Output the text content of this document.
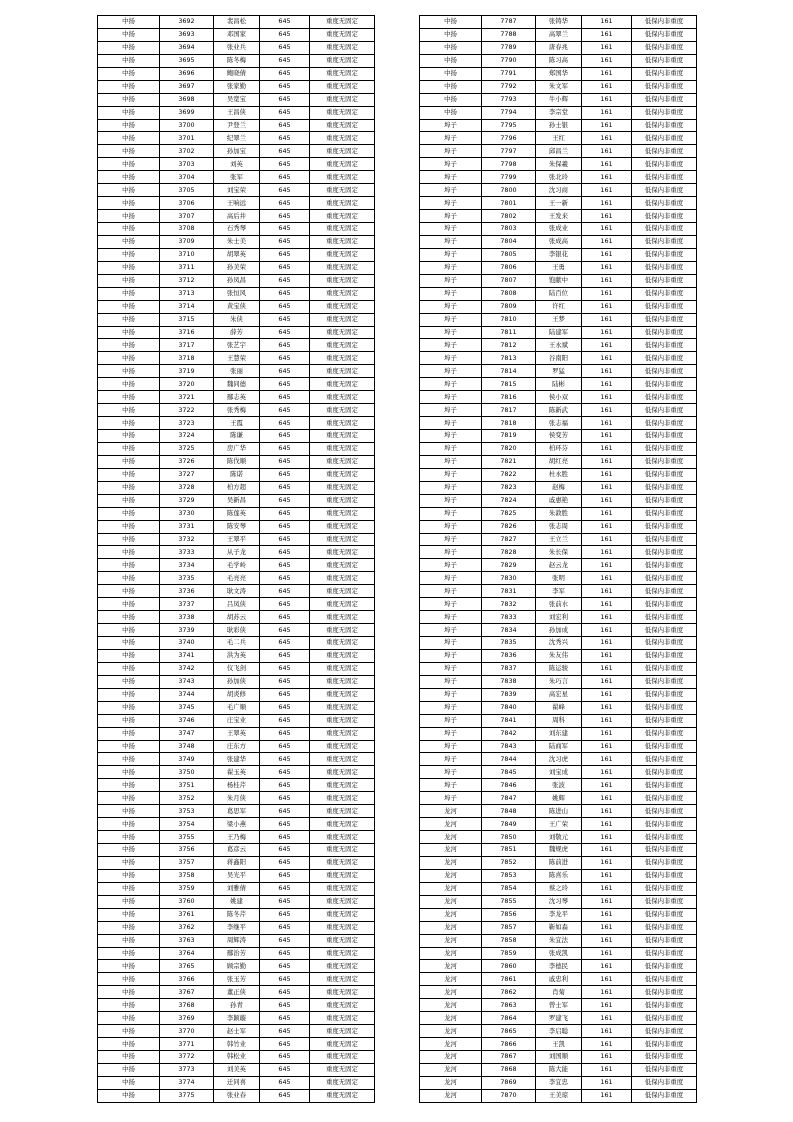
中扬	3692	裴昌松	645	重度无固定
中扬	3693	邓国家	645	重度无固定
中扬	3694	张业兵	645	重度无固定
中扬	3695	陈冬梅	645	重度无固定
中扬	3696	鲍晓倩	645	重度无固定
中扬	3697	张家勤	645	重度无固定
中扬	3698	吴宽宝	645	重度无固定
中扬	3699	王昌侠	645	重度无固定
中扬	3700	尹登兰	645	重度无固定
中扬	3701	纪翠兰	645	重度无固定
中扬	3702	孙加宝	645	重度无固定
中扬	3703	刘英	645	重度无固定
中扬	3704	张军	645	重度无固定
中扬	3705	刘宝荣	645	重度无固定
中扬	3706	王响远	645	重度无固定
中扬	3707	高后井	645	重度无固定
中扬	3708	石秀琴	645	重度无固定
中扬	3709	朱士美	645	重度无固定
中扬	3710	胡翠英	645	重度无固定
中扬	3711	孙美荣	645	重度无固定
中扬	3712	孙凤昌	645	重度无固定
中扬	3713	张恒风	645	重度无固定
中扬	3714	黄宝侠	645	重度无固定
中扬	3715	朱侠	645	重度无固定
中扬	3716	薛芳	645	重度无固定
中扬	3717	张艺宇	645	重度无固定
中扬	3718	王慧荣	645	重度无固定
中扬	3719	张丽	645	重度无固定
中扬	3720	魏同德	645	重度无固定
中扬	3721	鄢志英	645	重度无固定
中扬	3722	张秀梅	645	重度无固定
中扬	3723	王霞	645	重度无固定
中扬	3724	陈谦	645	重度无固定
中扬	3725	房广华	645	重度无固定
中扬	3726	陈伐顺	645	重度无固定
中扬	3727	陈诺	645	重度无固定
中扬	3728	柏方超	645	重度无固定
中扬	3729	吴新昌	645	重度无固定
中扬	3730	陈莲英	645	重度无固定
中扬	3731	陈安琴	645	重度无固定
中扬	3732	王翠平	645	重度无固定
中扬	3733	从子龙	645	重度无固定
中扬	3734	毛学岭	645	重度无固定
中扬	3735	毛亮亮	645	重度无固定
中扬	3736	耿文涛	645	重度无固定
中扬	3737	吕凤侠	645	重度无固定
中扬	3738	胡苏云	645	重度无固定
中扬	3739	耿彩侠	645	重度无固定
中扬	3740	毛二兵	645	重度无固定
中扬	3741	洪为英	645	重度无固定
中扬	3742	仪飞剑	645	重度无固定
中扬	3743	孙加侠	645	重度无固定
中扬	3744	胡炎修	645	重度无固定
中扬	3745	毛广顺	645	重度无固定
中扬	3746	庄宝业	645	重度无固定
中扬	3747	王翠英	645	重度无固定
中扬	3748	庄东方	645	重度无固定
中扬	3749	张建华	645	重度无固定
中扬	3750	翟玉英	645	重度无固定
中扬	3751	杨桂芹	645	重度无固定
中扬	3752	朱月侠	645	重度无固定
中扬	3753	葛思军	645	重度无固定
中扬	3754	梁小燕	645	重度无固定
中扬	3755	王乃梅	645	重度无固定
中扬	3756	葛彦云	645	重度无固定
中扬	3757	蒋鑫阳	645	重度无固定
中扬	3758	吴光平	645	重度无固定
中扬	3759	刘雅倩	645	重度无固定
中扬	3760	姚建	645	重度无固定
中扬	3761	陈冬芹	645	重度无固定
中扬	3762	李继平	645	重度无固定
中扬	3763	周辉涛	645	重度无固定
中扬	3764	鄢治芳	645	重度无固定
中扬	3765	顾宗勤	645	重度无固定
中扬	3766	张玉芳	645	重度无固定
中扬	3767	董正侠	645	重度无固定
中扬	3768	孙青	645	重度无固定
中扬	3769	李颖璇	645	重度无固定
中扬	3770	赵士军	645	重度无固定
中扬	3771	韩竹业	645	重度无固定
中扬	3772	韩松业	645	重度无固定
中扬	3773	刘美英	645	重度无固定
中扬	3774	迁同喜	645	重度无固定
中扬	3775	张业春	645	重度无固定
中扬	7787	张铸华	161	低保内非重度
中扬	7788	高翠兰	161	低保内非重度
中扬	7789	唐春兆	161	低保内非重度
中扬	7790	陈习高	161	低保内非重度
中扬	7791	郑国华	161	低保内非重度
中扬	7792	朱文军	161	低保内非重度
中扬	7793	牛小辉	161	低保内非重度
中扬	7794	李宗堂	161	低保内非重度
埠子	7795	孙士银	161	低保内非重度
埠子	7796	王红	161	低保内非重度
埠子	7797	邱昌兰	161	低保内非重度
埠子	7798	朱保羲	161	低保内非重度
埠子	7799	张北玲	161	低保内非重度
埠子	7800	沈习商	161	低保内非重度
埠子	7801	王一新	161	低保内非重度
埠子	7802	王发来	161	低保内非重度
埠子	7803	张成业	161	低保内非重度
埠子	7804	张成高	161	低保内非重度
埠子	7805	李银花	161	低保内非重度
埠子	7806	王勇	161	低保内非重度
埠子	7807	饱献中	161	低保内非重度
埠子	7808	陆百位	161	低保内非重度
埠子	7809	许红	161	低保内非重度
埠子	7810	王梦	161	低保内非重度
埠子	7811	陆建军	161	低保内非重度
埠子	7812	王永斌	161	低保内非重度
埠子	7813	谷南阳	161	低保内非重度
埠子	7814	罗猛	161	低保内非重度
埠子	7815	陆彬	161	低保内非重度
埠子	7816	侯小双	161	低保内非重度
埠子	7817	陈新武	161	低保内非重度
埠子	7818	张志福	161	低保内非重度
埠子	7819	侯变芳	161	低保内非重度
埠子	7820	柏环芬	161	低保内非重度
埠子	7821	胡红亮	161	低保内非重度
埠子	7822	杜永胜	161	低保内非重度
埠子	7823	赵梅	161	低保内非重度
埠子	7824	戚惠艳	161	低保内非重度
埠子	7825	朱敦胜	161	低保内非重度
埠子	7826	张志周	161	低保内非重度
埠子	7827	王立兰	161	低保内非重度
埠子	7828	朱长保	161	低保内非重度
埠子	7829	赵云龙	161	低保内非重度
埠子	7830	张明	161	低保内非重度
埠子	7831	李军	161	低保内非重度
埠子	7832	张前水	161	低保内非重度
埠子	7833	刘宏利	161	低保内非重度
埠子	7834	孙加成	161	低保内非重度
埠子	7835	沈秀兴	161	低保内非重度
埠子	7836	朱友伟	161	低保内非重度
埠子	7837	陈运骏	161	低保内非重度
埠子	7838	朱巧言	161	低保内非重度
埠子	7839	高宏星	161	低保内非重度
埠子	7840	翟峰	161	低保内非重度
埠子	7841	周科	161	低保内非重度
埠子	7842	刘东建	161	低保内非重度
埠子	7843	陆商军	161	低保内非重度
埠子	7844	沈习虎	161	低保内非重度
埠子	7845	刘宝成	161	低保内非重度
埠子	7846	张波	161	低保内非重度
埠子	7847	姚辉	161	低保内非重度
龙河	7848	陈进山	161	低保内非重度
龙河	7849	王广荣	161	低保内非重度
龙河	7850	刘敬元	161	低保内非重度
龙河	7851	魏规虎	161	低保内非重度
龙河	7852	陈前进	161	低保内非重度
龙河	7853	陈喜乐	161	低保内非重度
龙河	7854	蔡之玲	161	低保内非重度
龙河	7855	沈习琴	161	低保内非重度
龙河	7856	李龙平	161	低保内非重度
龙河	7857	靳如森	161	低保内非重度
龙河	7858	朱宜法	161	低保内非重度
龙河	7859	张成凯	161	低保内非重度
龙河	7860	李德民	161	低保内非重度
龙河	7861	戚忠利	161	低保内非重度
龙河	7862	肖菊	161	低保内非重度
龙河	7863	曾士军	161	低保内非重度
龙河	7864	罗建飞	161	低保内非重度
龙河	7865	李启聪	161	低保内非重度
龙河	7866	王凯	161	低保内非重度
龙河	7867	刘国顺	161	低保内非重度
龙河	7868	陈大能	161	低保内非重度
龙河	7869	李宜忠	161	低保内非重度
龙河	7870	王美琼	161	低保内非重度
